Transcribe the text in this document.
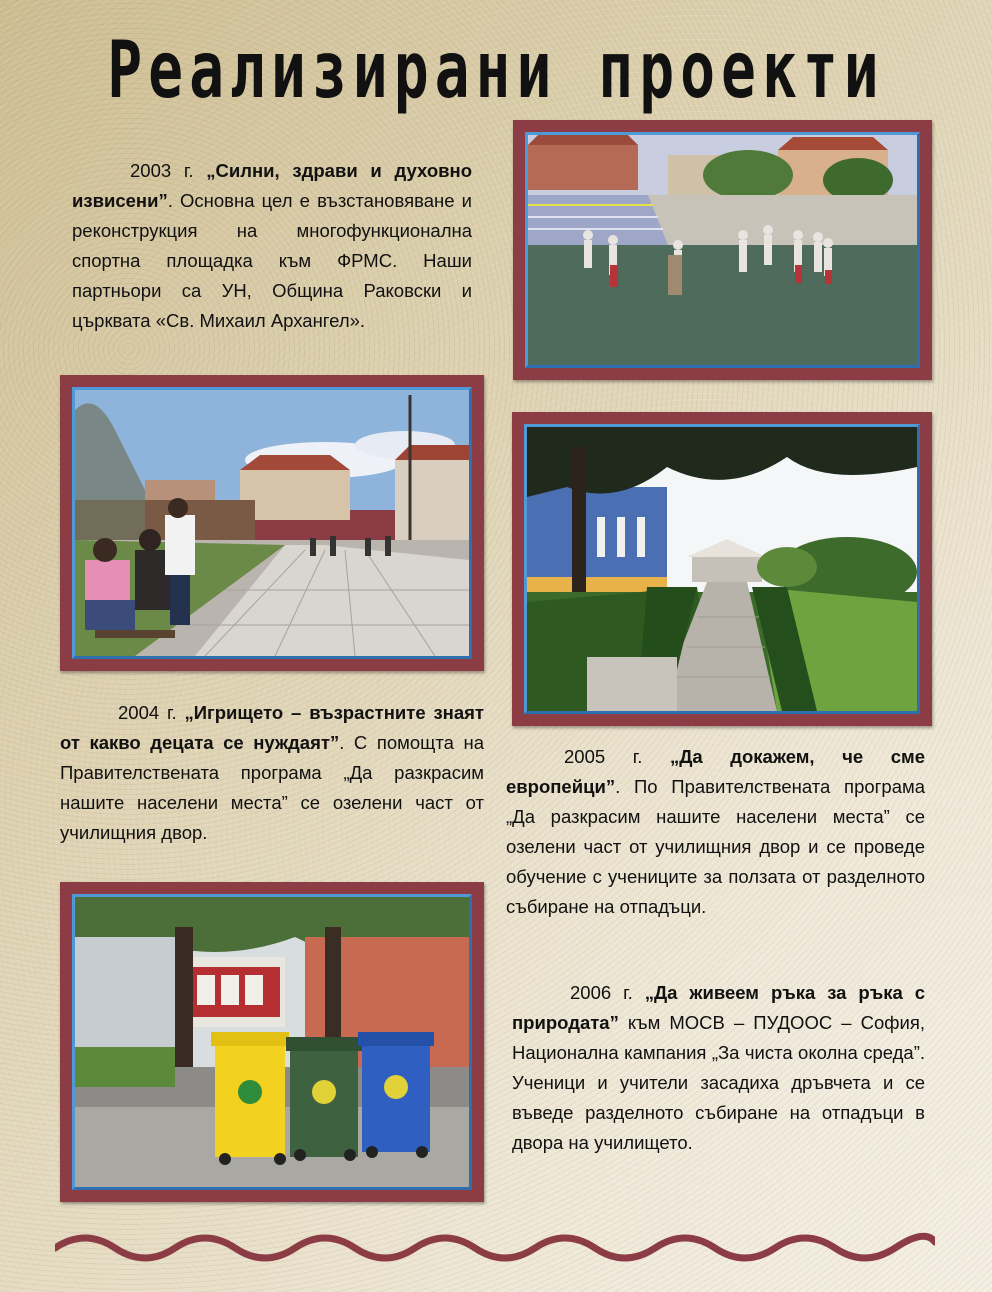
Реализирани проекти

2003 г. „Силни, здрави и духовно извисени”. Основна цел е възстановяване и реконструкция на многофункционална спортна площадка към ФРМС. Наши партньори са УН, Община Раковски и църквата «Св. Михаил Архангел».

2004 г. „Игрището – възрастните знаят от какво децата се нуждаят”. С помощта на Правителствената програма „Да разкрасим нашите населени места” се озелени част от училищния двор.

2005 г. „Да докажем, че сме европейци”. По Правителствената програма „Да разкрасим нашите населени места” се озелени част от училищния двор и се проведе обучение с учениците за ползата от разделното събиране на отпадъци.

2006 г. „Да живеем ръка за ръка с природата” към МОСВ – ПУДООС – София, Национална кампания „За чиста околна среда”. Ученици и учители засадиха дръвчета и се въведе разделното събиране на отпадъци в двора на училището.
